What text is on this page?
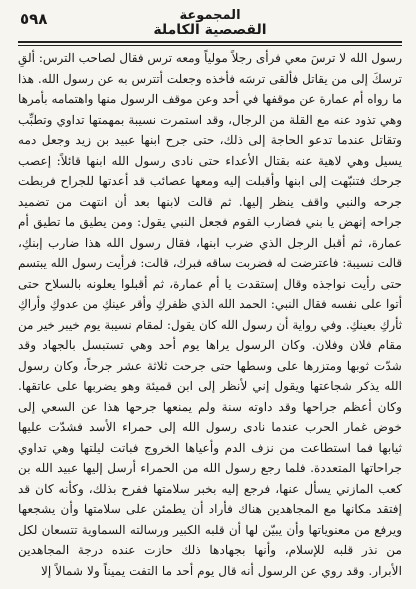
المجموعة
القصصية الكاملة
٥٩٨
رسول الله لا ترسَ معي فرأى رجلاً مولياً ومعه ترس فقال لصاحب الترس: ألقِ
ترسكَ إلى من يقاتل فألقى ترسَه فأخذه وجعلت أتترس به عن رسول الله. هذا
ما رواه أم عمارة عن موقفها في أحد وعن موقف الرسول منها واهتمامه بأمرها
وهي تذود عنه مع القلة من الرجال، وقد استمرت نسيبة بمهمتها تداوي وتطبِّب
وتقاتل عندما تدعو الحاجة إلى ذلك، حتى جرح ابنها عبيد بن زيد وجعل دمه
يسيل وهي لاهية عنه بقتال الأعداء حتى نادى رسول الله ابنها قائلاً: إعصب
جرحك فتنبّهت إلى ابنها وأقبلت إليه ومعها عصائب قد أعدتها للجراح فربطت
جرحه والنبي واقف ينظر إليها. ثم قالت لابنها بعد أن انتهت من تضميد
جراحه إنهض يا بني فضارب القوم فجعل النبي يقول: ومن يطيق ما تطيق أم
عمارة، ثم أقبل الرجل الذي ضرب ابنها، فقال رسول الله هذا ضارب إبنكِ،
قالت نسيبة: فاعترضت له فضربت ساقه فبرك، قالت: فرأيت رسول الله يبتسم
حتى رأيت نواجذه وقال إستقدت يا أم عمارة، ثم أقبلوا يعلونه بالسلاح حتى
أتوا على نفسه فقال النبي: الحمد الله الذي ظفركِ وأقر عينكِ من عدوكِ وأراكِ
ثأركِ بعينكِ. وفي رواية أن رسول الله كان يقول: لمقام نسيبة يوم خيبر خير من
مقام فلان وفلان. وكان الرسول يراها يوم أحد وهي تستبسل بالجهاد وقد
شدّت ثوبها ومتزرها على وسطها حتى جرحت ثلاثة عشر جرحاً، وكان رسول
الله يذكر شجاعتها ويقول إني لأنظر إلى ابن قميئة وهو يضربها على عاتقها.
وكان أعظم جراحها وقد داوته سنة ولم يمنعها جرحها هذا عن السعي إلى
خوض غمار الحرب عندما نادى رسول الله إلى حمراء الأسد فشدّت عليها
ثيابها فما استطاعت من نزف الدم وأعياها الخروج فباتت ليلتها وهي تداوي
جراحاتها المتعددة. فلما رجع رسول الله من الحمراء أرسل إليها عبيد الله بن
كعب المازني يسأل عنها، فرجع إليه بخبر سلامتها ففرح بذلك، وكأنه كان قد
إفتقد مكانها مع المجاهدين هناك فأراد أن يطمئن على سلامتها وأن يشجعها
ويرفع من معنوياتها وأن يبيّن لها أن قلبه الكبير ورسالته السماوية تتسعان لكل
من نذر قلبه للإسلام، وأنها بجهادها ذلك حازت عنده درجة المجاهدين
الأبرار. وقد روي عن الرسول أنه قال يوم أحد ما التفت يميناً ولا شمالاً إلا
